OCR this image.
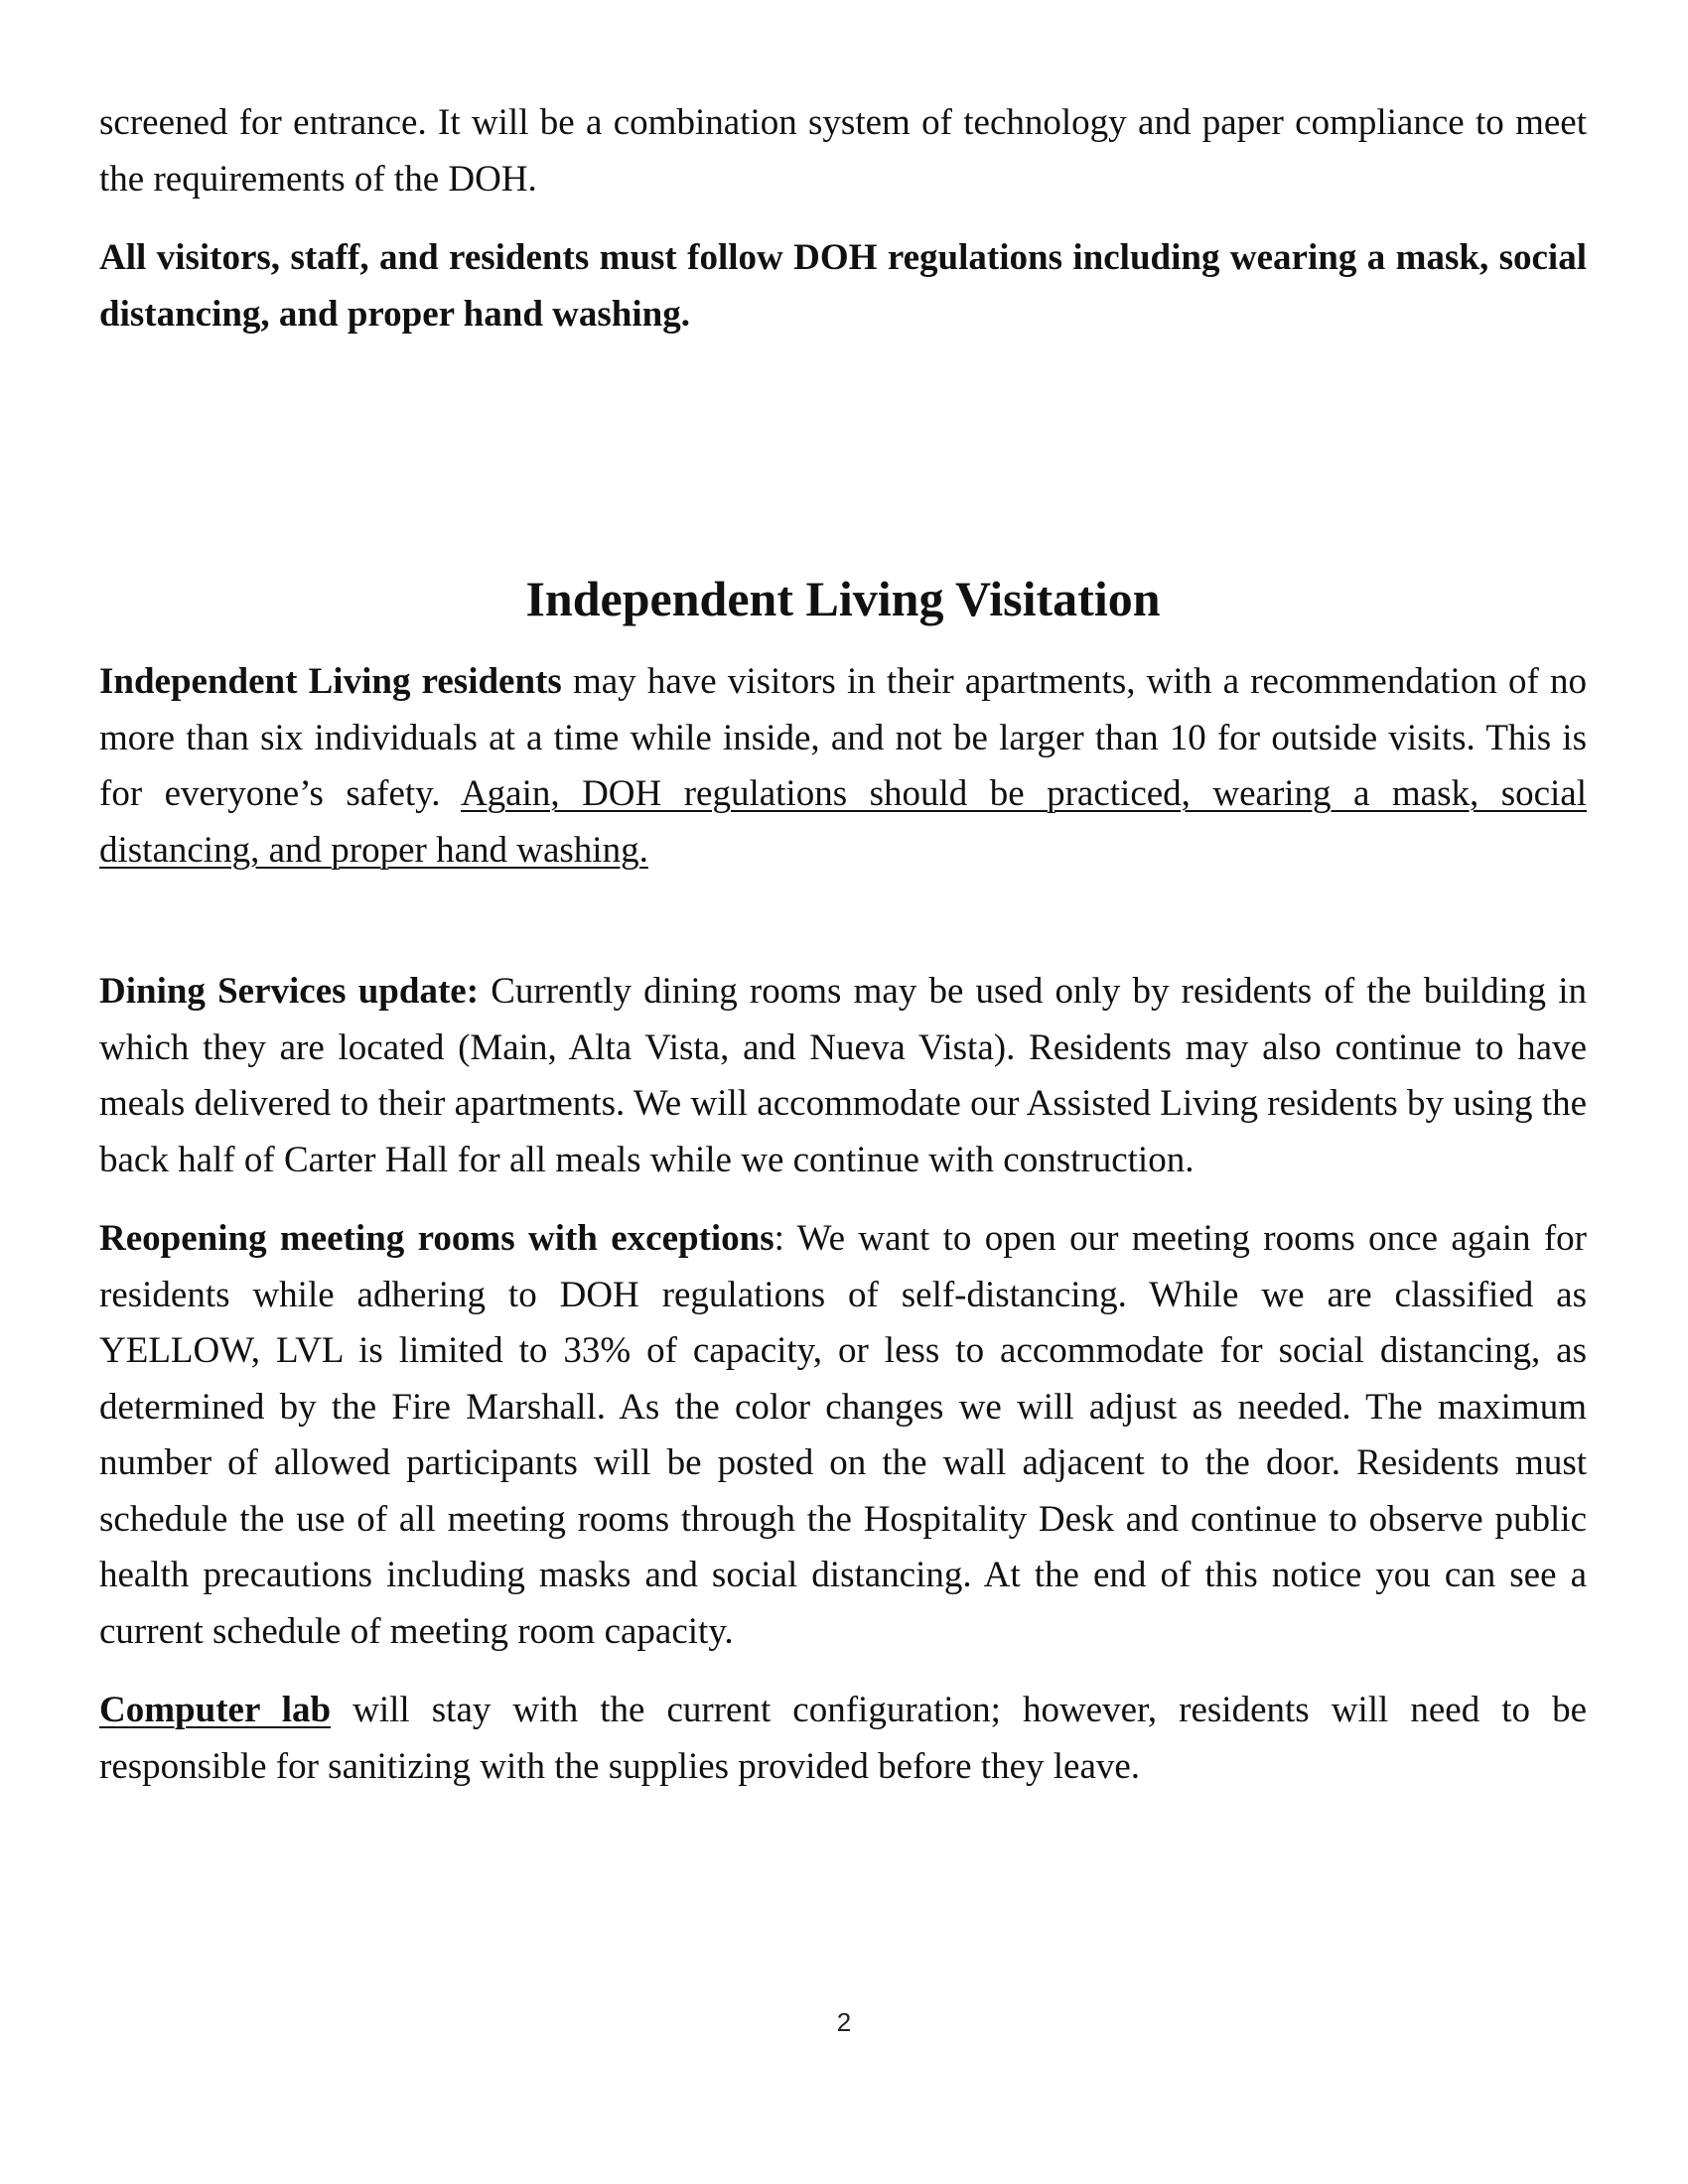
screened for entrance. It will be a combination system of technology and paper compliance to meet the requirements of the DOH.

All visitors, staff, and residents must follow DOH regulations including wearing a mask, social distancing, and proper hand washing.

Independent Living Visitation

Independent Living residents may have visitors in their apartments, with a recommendation of no more than six individuals at a time while inside, and not be larger than 10 for outside visits. This is for everyone’s safety. Again, DOH regulations should be practiced, wearing a mask, social distancing, and proper hand washing.

Dining Services update: Currently dining rooms may be used only by residents of the building in which they are located (Main, Alta Vista, and Nueva Vista). Residents may also continue to have meals delivered to their apartments. We will accommodate our Assisted Living residents by using the back half of Carter Hall for all meals while we continue with construction.

Reopening meeting rooms with exceptions: We want to open our meeting rooms once again for residents while adhering to DOH regulations of self-distancing. While we are classified as YELLOW, LVL is limited to 33% of capacity, or less to accommodate for social distancing, as determined by the Fire Marshall. As the color changes we will adjust as needed. The maximum number of allowed participants will be posted on the wall adjacent to the door. Residents must schedule the use of all meeting rooms through the Hospitality Desk and continue to observe public health precautions including masks and social distancing. At the end of this notice you can see a current schedule of meeting room capacity.

Computer lab will stay with the current configuration; however, residents will need to be responsible for sanitizing with the supplies provided before they leave.

2
